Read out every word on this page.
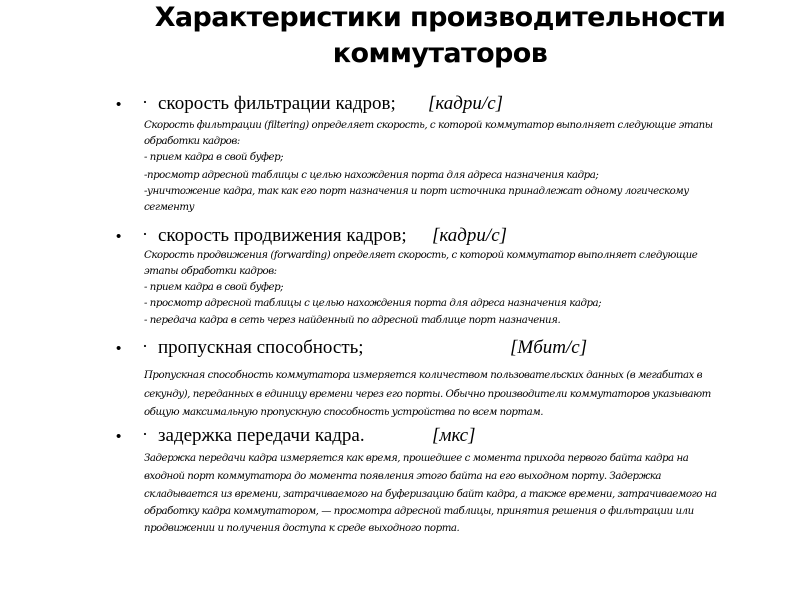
Характеристики производительности
коммутаторов
• · скорость фильтрации кадров; [кадри/с]
Скорость фильтрации (filtering) определяет скорость, с которой коммутатор выполняет следующие этапы
обработки кадров:
- прием кадра в свой буфер;
-просмотр адресной таблицы с целью нахождения порта для адреса назначения кадра;
-уничтожение кадра, так как его порт назначения и порт источника принадлежат одному логическому
сегменту
• · скорость продвижения кадров; [кадри/с]
Скорость продвижения (forwarding) определяет скорость, с которой коммутатор выполняет следующие
этапы обработки кадров:
- прием кадра в свой буфер;
- просмотр адресной таблицы с целью нахождения порта для адреса назначения кадра;
- передача кадра в сеть через найденный по адресной таблице порт назначения.
• · пропускная способность;	[Мбит/с]
Пропускная способность коммутатора измеряется количеством пользовательских данных (в мегабитах в
секунду), переданных в единицу времени через его порты. Обычно производители коммутаторов указывают
общую максимальную пропускную способность устройства по всем портам.
• · задержка передачи кадра.	[мкс]
Задержка передачи кадра измеряется как время, прошедшее с момента прихода первого байта кадра на
входной порт коммутатора до момента появления этого байта на его выходном порту. Задержка
складывается из времени, затрачиваемого на буферизацию байт кадра, а также времени, затрачиваемого на
обработку кадра коммутатором, — просмотра адресной таблицы, принятия решения о фильтрации или
продвижении и получения доступа к среде выходного порта.
